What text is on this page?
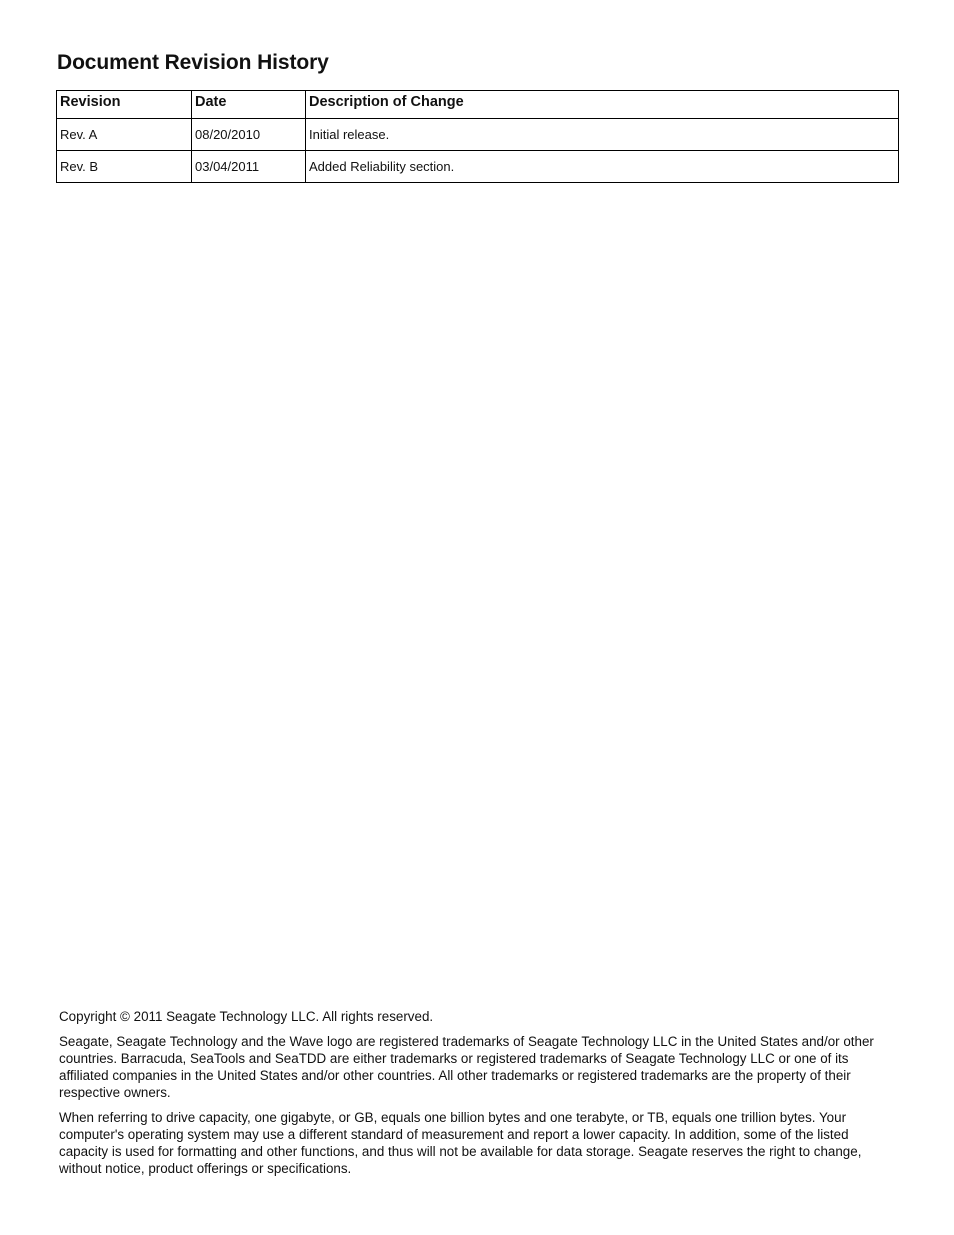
Document Revision History
Revision	Date	Description of Change
Rev. A	08/20/2010	Initial release.
Rev. B	03/04/2011	Added Reliability section.

Copyright © 2011 Seagate Technology LLC. All rights reserved.

Seagate, Seagate Technology and the Wave logo are registered trademarks of Seagate Technology LLC in the United States and/or other countries. Barracuda, SeaTools and SeaTDD are either trademarks or registered trademarks of Seagate Technology LLC or one of its affiliated companies in the United States and/or other countries. All other trademarks or registered trademarks are the property of their respective owners.

When referring to drive capacity, one gigabyte, or GB, equals one billion bytes and one terabyte, or TB, equals one trillion bytes. Your computer's operating system may use a different standard of measurement and report a lower capacity. In addition, some of the listed capacity is used for formatting and other functions, and thus will not be available for data storage. Seagate reserves the right to change, without notice, product offerings or specifications.
